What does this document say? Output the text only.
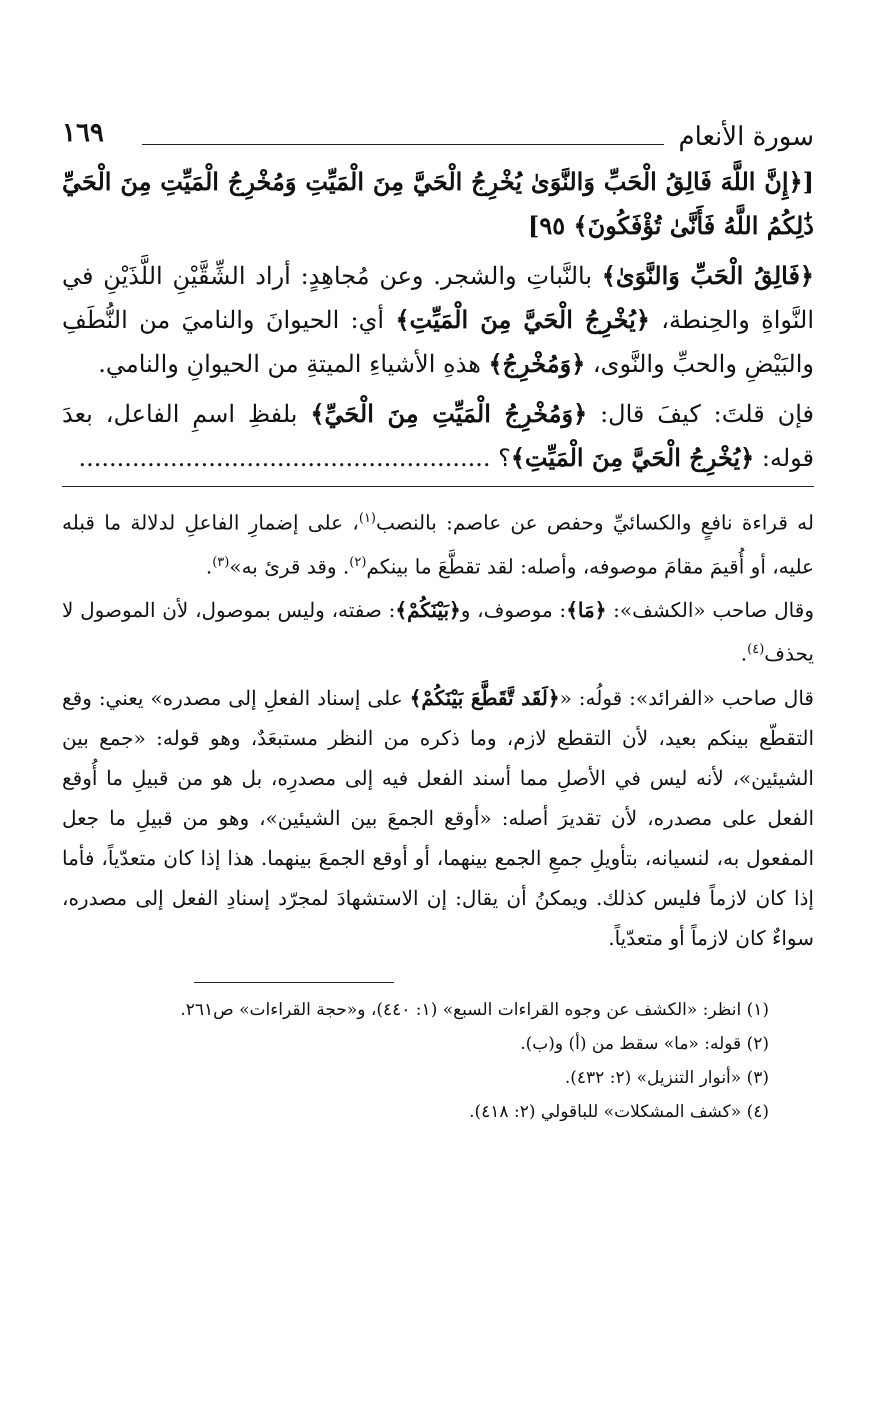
سورة الأنعام
١٦٩

[﴿إِنَّ اللَّهَ فَالِقُ الْحَبِّ وَالنَّوَىٰ يُخْرِجُ الْحَيَّ مِنَ الْمَيِّتِ وَمُخْرِجُ الْمَيِّتِ مِنَ الْحَيِّ ذَٰلِكُمُ اللَّهُ فَأَنَّىٰ تُؤْفَكُونَ﴾ ٩٥]

﴿فَالِقُ الْحَبِّ وَالنَّوَىٰ﴾ بالنَّباتِ والشجر. وعن مُجاهِدٍ: أراد الشِّقَّيْنِ اللَّذَيْنِ في النَّواةِ والحِنطة، ﴿يُخْرِجُ الْحَيَّ مِنَ الْمَيِّتِ﴾ أي: الحيوانَ والناميَ من النُّطَفِ والبَيْضِ والحبِّ والنَّوى، ﴿وَمُخْرِجُ﴾ هذهِ الأشياءِ الميتةِ من الحيوانِ والنامي.

فإن قلتَ: كيفَ قال: ﴿وَمُخْرِجُ الْمَيِّتِ مِنَ الْحَيِّ﴾ بلفظِ اسمِ الفاعل، بعدَ قوله: ﴿يُخْرِجُ الْحَيَّ مِنَ الْمَيِّتِ﴾؟ ......................................................

له قراءة نافعٍ والكسائيِّ وحفص عن عاصم: بالنصب$^{(١)}$، على إضمارِ الفاعلِ لدلالة ما قبله عليه، أو أُقيمَ مقامَ موصوفه، وأصله: لقد تقطَّعَ ما بينكم$^{(٢)}$. وقد قرئ به»$^{(٣)}$.

وقال صاحب «الكشف»: ﴿مَا﴾: موصوف، و﴿بَيْنَكُمْ﴾: صفته، وليس بموصول، لأن الموصول لا يحذف$^{(٤)}$.

قال صاحب «الفرائد»: قولُه: «﴿لَقَد تَّقَطَّعَ بَيْنَكُمْ﴾ على إسناد الفعلِ إلى مصدره» يعني: وقع التقطّع بينكم بعيد، لأن التقطع لازم، وما ذكره من النظر مستبعَدٌ، وهو قوله: «جمع بين الشيئين»، لأنه ليس في الأصلِ مما أسند الفعل فيه إلى مصدرِه، بل هو من قبيلِ ما أُوقع الفعل على مصدره، لأن تقديرَ أصله: «أوقع الجمعَ بين الشيئين»، وهو من قبيلِ ما جعل المفعول به، لنسيانه، بتأويلِ جمعِ الجمع بينهما، أو أوقع الجمعَ بينهما. هذا إذا كان متعدّياً، فأما إذا كان لازماً فليس كذلك. ويمكنُ أن يقال: إن الاستشهادَ لمجرّد إسنادِ الفعل إلى مصدره، سواءٌ كان لازماً أو متعدّياً.

(١) انظر: «الكشف عن وجوه القراءات السبع» (١: ٤٤٠)، و«حجة القراءات» ص٢٦١.
(٢) قوله: «ما» سقط من (أ) و(ب).
(٣) «أنوار التنزيل» (٢: ٤٣٢).
(٤) «كشف المشكلات» للباقولي (٢: ٤١٨).
